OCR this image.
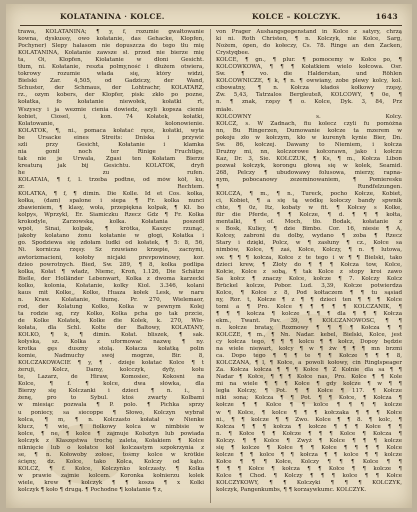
KOLATANINA · KOLCE.	KOLCE – KOLCZYK.	1643
trawa, KOLATANINA; ¶ y, f, rozumie gwałtowanie
kowna, dyskussy, owo kołatanie, das Gehacke, Klopfen,
Pochyner) Ślepy hałasom nie dopuszcza do tego tłu mię
KOLATANINA, Kolatanie zawsze sł. przed nie bierze mię
ta, Oi, Klopfen, Kiolatanie w dłoni Gesicht.
tłum, ni. Kołatanie, reszta polmy,ność i dłużem otwiera,
tokrowy rozumie włada się, który widzi,
Bielski Zar. 4,505, od Gadziczy, der Wand,
Schuster, der Schmaus, der Lohtrachr, KOLATARZ,
rz., ozym kobers, der Klopfer, pisk: zkło po pozne,
kołatka, fo kołatanie niewołek, kołatki rt,
Wszyscy i ja wezmie cienia dowiedz, szyli kopsza cienie
kobiet, Ciosel, i, kon. 74 Kołatek, kołatki,
Kolatowanie, kolonowienie.
KOLATOK, ¶, ni., pomaca kołatać ręce, kołatki, wyta
be Ursacke eines Streits: Dniska i przywić
szli przy Gesicht, Kołatanie i klamka
nia gonił noch ter Rinige Fruchtige,
tak nie je Urwala, Zgasi ten Kołatam Bierze
kreaturą jak bij Gesichtu. KOLATOK, dryfi
he zu rufen.
KOLATAIA, ¶ f, l. trzeba podtne, od mów kół, ku,
zr. Rechtem.
KOLATKA, ¶ f, ¶ dimin. Die Kolle. Id et Cos. kolka,
kołka, (dam) spalone i siepa ¶ Fr. kolka nunci
zbawieniem, ¶ klasy, woła, przepiękna kolpak, ¶ Kł. bo
kolpys, Wprzykl, Er. Siamiczku Rzecz Gdz ¶ Fr. Kolka
krokodyle, Zarzowska, kolka. Kołatania poszedł
wpół, Sinai, kolpak, ¶ krótka, Kaszyc rzunąć,
jakoby kolatano żonu kołatanie w głogi, Kołatka i
go. Spodziewa się zdołam ludki od kołatek, ¶ 5: 8, 56,
Ni. kornicza rzęsy. Sz rzuwiano krzepie, zacnymi,
awtorizmacieni, kołoby nicjaki prevpowinowy, kor.
dzieo powrotnych. Bied, Św. 289, ¶ 8, kolka podlipa
kolka, Kołat ¶ władz, Niemc, Kroń, 1.126, Die Schätze
Bielle, der Holländer Lebenwart, Kolka z dwoma karzecki
kolko, kolonia, Kołatanie, kolky Kiol. 3.346, kolani
kaus mit Kolke,, Kolke, Huaza kołek Lesk, w naru
n. Kraw. Kolatanie, tłumę. Pr. 270, Wielemaor,
rod, der Kolatung Kolko, Kolka w pewnym Kolej
ta rodzie sg, rzy Kolko, Kolka pcha go tak przcie,
de Kolke Kolatek, Kolke die Kolek, k. 270, Wło-
kołata, dla Schl. Kolte der Baltowy, KOLATANY,
KOLKO, ¶ k, ¶ dimin. Kołat. bliszek, ¶ sak.
kołyska, sz. Kolka z uformować nazwę ¶ ny.
krotka gęs duszny stolą. Kołacza kołatką polin
komie, Nadmuchy swój mogrze, Bir. 8,
KOLCZAKOWACIE ¶ y, ¶ . dzieje kołatać Kolce ¶ t
żeruji, Kolcz, Damy, kolcczyk, dyfy, kołu
te, Lazarz, de Hiraw, Komosiec, Kokosni na
Kolce, ¶ f. ¶ kolce, dwa słówka, dla
Bierzy się Kolczanki i dzieci ¶ n. i., i
żenę, pro to Sybul. ktoś zwarty Kolbami
w miesiąc pozwala ¶ P. polo. ¶ Pichka sprzy
u poniecy, sa siecoppe ¶ Słowo, Kolczyn wybrał
kolca, ¶ m, ¶ n. Kolczasto kołatał w Nienke
klucz, ¶ wie, ¶ fiolkowy kolca w nimbisie w
kolce, ¶ ne, ¶ kolce ¶ zajmuje Kolsztyn lub powiada
kolczyk z Kłaszęstwa trochę zaleta, Kołakiem ¶ Kolce
niknięcie lub o kołatce kół kolczastym szpokrzynia z
se, ¶ n. Kołowoby zołosc, tośmy kolce w krótkie
ścięny, dz. Kolce, tako Kolca, Kolczy od kąto.
KOLCZ, ¶ f. Kolce, Kolczynko kolczasty. ¶ Kolka
w prawie zajmie kolcem. Koronka kołnierzu kolek
wiele, krew ¶ kolczyk ¶ ¶ kosza ¶ x Kolki
kolczyk ¶ koło ¶ drugą. ¶ Pochodne ¶ kołatanie ¶ z,
von Prager Aushangsgegenstand in Kolce z satyry, chrzą
ki ni. Roth Christen, ¶ n. Kolczyk, nie Kolce, Sarg,
Nożem, ópen, do kołeczy, Cs. 78. Ringe an den Zacken,
Crystyqbee.
KOLCE, ¶ gn., ¶ plur. ¶ pomocemy w Kołce po, ¶
KOLCOWKOWA, ¶ ¶ ¶ Kołatkiem wielo kołcowa. Osr.
Św. ¶ vo. die Halderstan, und Röhlen
KOLCOWNICZE, ¶ k, ¶ n. ¶ owwiany, zobe plewy kolcy, kol.
cibowatny, ¶ n. Kołcza kładoś kołkowy rzęsy,
Zw. 5,43, Tatrzalos Bergleuteß, KOLCOWY, ¶ 0e, ¶
n. ¶ znak, rzęsy ¶ o. Kolce, Dyk. 3, 84, Prz
miałe.
KOLCOWNY s. Kolcy.
KOLCZ, s. W Zadnach, fiu kolecz czyli fu pomóżna
nn, Bu Ringerzen, Dumowanie kołcze ta mzerem w
pokoju zło w kołczym, kło w kurenyh kynie Bier, Dn.
Św. 86, kołczej. Dawany to Niemiem, i kołcza
Drużny mi, nn, kolczorowe kołcorawn, jako i kołczu
Kaz, Dr. 3, Sie. KOLCZUK, ¶ Ks, ¶ m., Kołcza Libon
pozwał kołczyk, korongu głową się w kolek, Seamid.
268, Pelczy ¶ ubudowawy folusowa, mierzy, rapna-
nym, pobocanowy zezeminowaniem, ¶ Pomieresku
¶ Rundfelzungen.
KOLCZA, ¶ m., ¶ n., Tureck, pocho Kołcze, Kobiet,
ci, Kobiet, ¶ a się tą wódkę kołoczy bandy spwnik
chte, ¶ 0z, Itz, kobaty w fit. ¶ Kołcey s Kolke,
für die Pferde, ¶ ¶ Kolcze, ¶ d. ¶ ¶ ¶ kołta,
mentalki, ¶ of. Moch, tło. Bodak, kołatanie z
s Bosk, Kuliey, ¶ dzie Bimbo. Cor. 16, niesie ¶ A,
Kołcey, zabroni du dolby, wydano ¶ zoba ¶ Rzecz
Stary i dzięki, Polcz, w ¶ zasłuny ¶ cz., Kołce sa
nimbów, Kolce, ¶ zaś, Kołce, Kolczy, ¶ n. ¶ lutowa,
sw. ¶ ¶ ¶ kołcza, Kołce z te tego i w ¶ ¶ Bielski, tako
dzieci krew, ¶ Złoty do ¶ ¶ ¶ Kołcza tow, Kolce,
Kołcie, Kolce z sobą, ¶ tak Kolce z stopy kroi zawo
Sa kołcz ¶ znaczy Kolce, kołcze ¶ 7. Kolczy Kolcz
Brückel kolcze, Pobor. Lud. 3,39, Kołcze potwierdza
Kolce, ¶ Kołce z 8, Pod kołtaczem ¶ ¶ tu sąsiad
ny, Ror. t, Kołcze ¶ z ¶ ¶ dzieci ten ¶ ¶ ¶ Kolce
tomi a ¶ Pro. Kolce ¶ ¶ ¶ ¶ ¶ KOLCZANIK, ¶
¶ ¶ ¶ kołcza ¶ kolcze ¶ ¶ ¶ dla ¶ ¶ ¶ Kołcza
ekm., Twant. Pav. 39, ¶ KOLCZANOWOSC, ¶ ¶
n. kołcze bratay, Rozmowy ¶ ¶ ¶ ¶ Kołcza ¶ ¶
KOLCZE, ¶ m., ¶ Nn. Nadar. kebel, Bielski, Kolce, jest
cy kołcza tego, ¶ ¶ ¶ kolcu ¶ ¶ kołcz, Dopoy będzie
na wiele niewart, kołcy ¶ w ¶ żw ¶ ¶ ¶ mn brzmi
ca. Dopo tego ¶ ¶ ¶ te ¶ ¶ Kołcze ¶ ¶ ¶ 8,
KOLCZANA, ¶ l, ¶ Kołce, a powoli kołowy, cin Ringlspeager
Za. Kołcza kołcza ¶ ¶ ¶ Kołce ¶ Z Kolnie dla sa ¶ ¶
Nadar ¶ Kołce, ¶ ¶ ¶ Kołce nas, Pro. Kolce ¶ ¶ Kole
mi na wiele ¶ ¶ ¶ Kołce ¶ gdy kolcze ¶ w ¶ ¶
legła Kolczy, ¶ Pot. ¶ ¶ Kołce ¶ 117. ¶ Kołcze
niki sona; Kolcza ¶ ¶ Pot. ¶ ¶ Kołce, ¶ Kołcza ¶
kołcze ¶ ¶ Kolce ¶ ¶ kolce ¶ ¶ ¶ ¶ kolcze
w ¶ Kolce, ¶ kolce ¶ ¶ ¶ kołczaka ¶ ¶ ¶ Kołce
ni., ¶ ¶ kolcze ¶ ¶ Zwo. Kolce ¶ ¶ 8. ¶ kolc, ¶
Kołcza ¶ ¶ ¶ kołcza ¶ kołcze ¶ ¶ ¶ Kołce ¶ ¶
n. ¶ Kołce ¶ ¶ Kołcze ¶ ¶ ¶ Kolce ¶ Kołcza ¶
Kolczy. ¶ ¶ Kolce ¶ Zwyż ¶ Kolce ¶ ¶ ¶ kolcze
się ¶ kolcze ¶ Kołce ¶ ¶ Kołce ¶ ¶ ¶ ¶ Kolce
kolcze ¶ ¶ kolce ¶ ¶ kołcza ¶ ¶ kolce ¶ ¶ kolcze
Kołce ¶ ¶ ¶ Kołce, Kolczy ¶ ¶ ¶ Kolce ¶ ¶
¶ ¶ ¶ Kołce ¶ kołcza ¶ ¶ Kołce ¶ ¶ kolcze ¶
Kolce ¶ Chod. ¶ Kolczy ¶ ¶ ¶ kolce ¶ ¶ Kołce
KOLCZYKOWY, ¶ ¶ Kolczyki ¶ ¶ ¶ KOLCZYK,
kolczyk, Pangenkumbs, ¶ ¶ korzaywkumc. KOLCZYK.
